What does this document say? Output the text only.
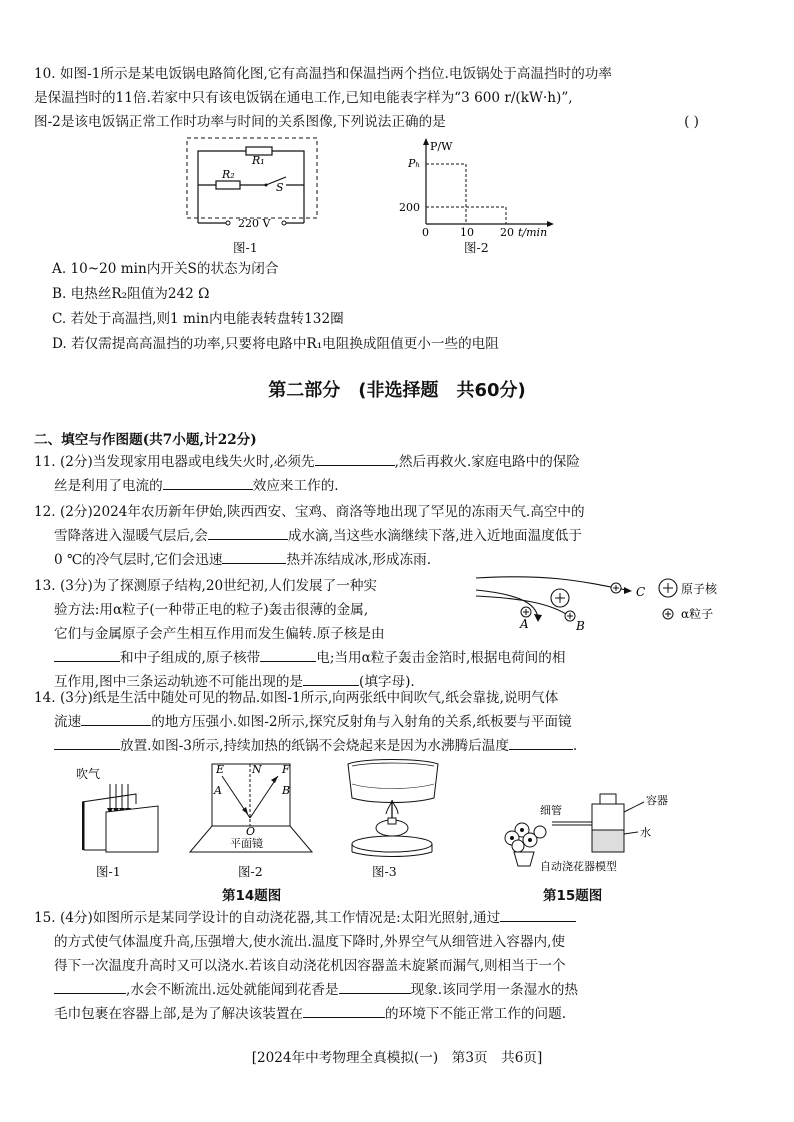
10. 如图-1所示是某电饭锅电路简化图,它有高温挡和保温挡两个挡位.电饭锅处于高温挡时的功率
是保温挡时的11倍.若家中只有该电饭锅在通电工作,已知电能表字样为“3 600 r/(kW·h)”,
图-2是该电饭锅正常工作时功率与时间的关系图像,下列说法正确的是	( )
R₁
R₂
S
220 V
图-1
P/W
Pₕ
200
0	10 20 t/min
图-2
A. 10~20 min内开关S的状态为闭合
B. 电热丝R₂阻值为242 Ω
C. 若处于高温挡,则1 min内电能表转盘转132圈
D. 若仅需提高高温挡的功率,只要将电路中R₁电阻换成阻值更小一些的电阻
第二部分　(非选择题　共60分)
二、填空与作图题(共7小题,计22分)
11. (2分)当发现家用电器或电线失火时,必须先	,然后再救火.家庭电路中的保险
丝是利用了电流的	效应来工作的.
12. (2分)2024年农历新年伊始,陕西西安、宝鸡、商洛等地出现了罕见的冻雨天气.高空中的
雪降落进入湿暖气层后,会	成水滴,当这些水滴继续下落,进入近地面温度低于
0 ℃的冷气层时,它们会迅速	热并冻结成冰,形成冻雨.
13. (3分)为了探测原子结构,20世纪初,人们发展了一种实
验方法:用α粒子(一种带正电的粒子)轰击很薄的金属,
它们与金属原子会产生相互作用而发生偏转.原子核是由
和中子组成的,原子核带	电;当用α粒子轰击金箔时,根据电荷间的相
互作用,图中三条运动轨迹不可能出现的是	(填字母).
C
A	B
原子核
α粒子
14. (3分)纸是生活中随处可见的物品.如图-1所示,向两张纸中间吹气,纸会靠拢,说明气体
流速	的地方压强小.如图-2所示,探究反射角与入射角的关系,纸板要与平面镜
放置.如图-3所示,持续加热的纸锅不会烧起来是因为水沸腾后温度	.
吹气
图-1
E	N F
A	B
O
平面镜
图-2	图-3
第14题图
容器
细管
水
自动浇花器模型
第15题图
15. (4分)如图所示是某同学设计的自动浇花器,其工作情况是:太阳光照射,通过
的方式使气体温度升高,压强增大,使水流出.温度下降时,外界空气从细管进入容器内,使
得下一次温度升高时又可以浇水.若该自动浇花机因容器盖未旋紧而漏气,则相当于一个
,水会不断流出.远处就能闻到花香是	现象.该同学用一条湿水的热
毛巾包裹在容器上部,是为了解决该装置在	的环境下不能正常工作的问题.
[2024年中考物理全真模拟(一)　第3页　共6页]
